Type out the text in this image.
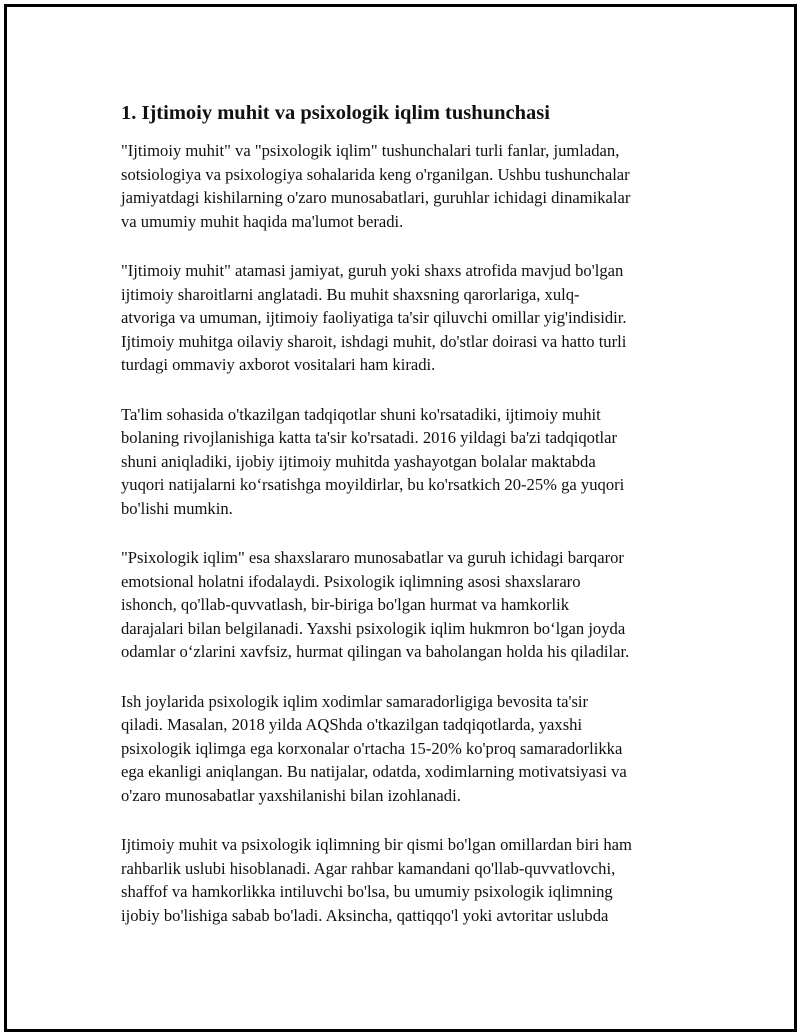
1. Ijtimoiy muhit va psixologik iqlim tushunchasi
"Ijtimoiy muhit" va "psixologik iqlim" tushunchalari turli fanlar, jumladan,
sotsiologiya va psixologiya sohalarida keng o'rganilgan. Ushbu tushunchalar
jamiyatdagi kishilarning o'zaro munosabatlari, guruhlar ichidagi dinamikalar
va umumiy muhit haqida ma'lumot beradi.
"Ijtimoiy muhit" atamasi jamiyat, guruh yoki shaxs atrofida mavjud bo'lgan
ijtimoiy sharoitlarni anglatadi. Bu muhit shaxsning qarorlariga, xulq-
atvoriga va umuman, ijtimoiy faoliyatiga ta'sir qiluvchi omillar yig'indisidir.
Ijtimoiy muhitga oilaviy sharoit, ishdagi muhit, do'stlar doirasi va hatto turli
turdagi ommaviy axborot vositalari ham kiradi.
Ta'lim sohasida o'tkazilgan tadqiqotlar shuni ko'rsatadiki, ijtimoiy muhit
bolaning rivojlanishiga katta ta'sir ko'rsatadi. 2016 yildagi ba'zi tadqiqotlar
shuni aniqladiki, ijobiy ijtimoiy muhitda yashayotgan bolalar maktabda
yuqori natijalarni ko‘rsatishga moyildirlar, bu ko'rsatkich 20-25% ga yuqori
bo'lishi mumkin.
"Psixologik iqlim" esa shaxslararo munosabatlar va guruh ichidagi barqaror
emotsional holatni ifodalaydi. Psixologik iqlimning asosi shaxslararo
ishonch, qo'llab-quvvatlash, bir-biriga bo'lgan hurmat va hamkorlik
darajalari bilan belgilanadi. Yaxshi psixologik iqlim hukmron bo‘lgan joyda
odamlar o‘zlarini xavfsiz, hurmat qilingan va baholangan holda his qiladilar.
Ish joylarida psixologik iqlim xodimlar samaradorligiga bevosita ta'sir
qiladi. Masalan, 2018 yilda AQShda o'tkazilgan tadqiqotlarda, yaxshi
psixologik iqlimga ega korxonalar o'rtacha 15-20% ko'proq samaradorlikka
ega ekanligi aniqlangan. Bu natijalar, odatda, xodimlarning motivatsiyasi va
o'zaro munosabatlar yaxshilanishi bilan izohlanadi.
Ijtimoiy muhit va psixologik iqlimning bir qismi bo'lgan omillardan biri ham
rahbarlik uslubi hisoblanadi. Agar rahbar kamandani qo'llab-quvvatlovchi,
shaffof va hamkorlikka intiluvchi bo'lsa, bu umumiy psixologik iqlimning
ijobiy bo'lishiga sabab bo'ladi. Aksincha, qattiqqo'l yoki avtoritar uslubda
